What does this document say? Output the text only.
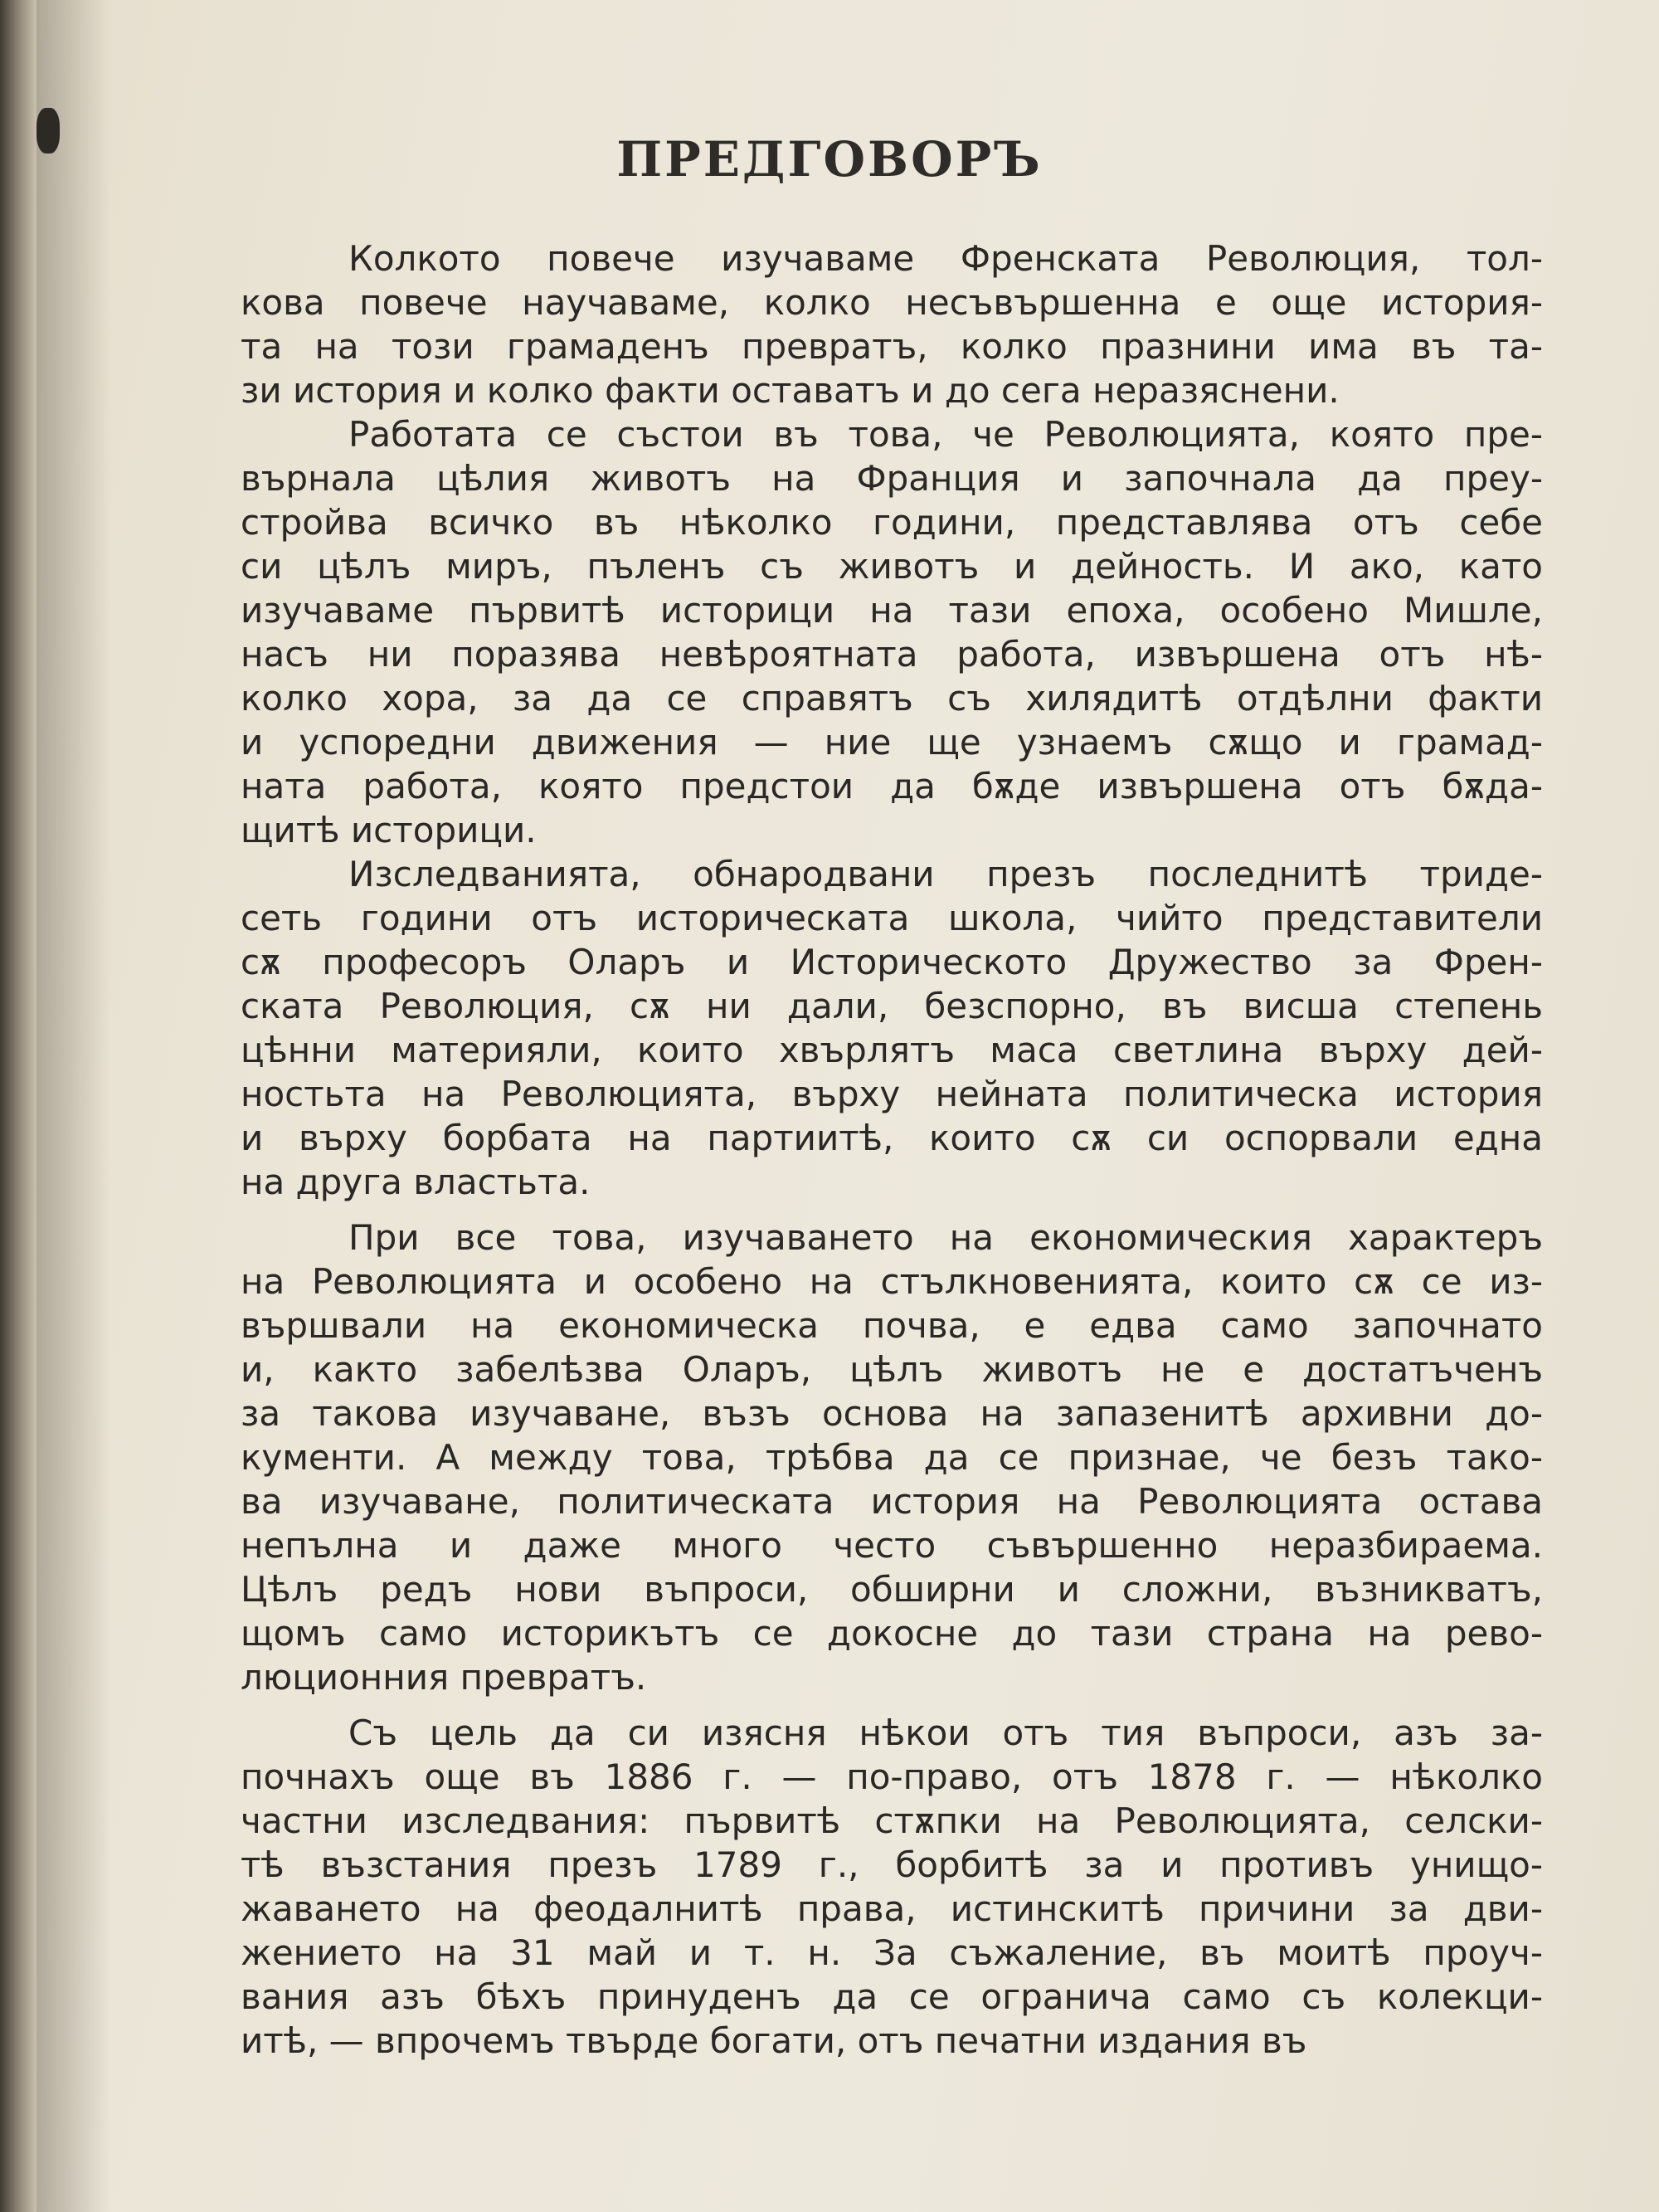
ПРЕДГОВОРЪ
Колкото повече изучаваме Френската Революция, тол-
кова повече научаваме, колко несъвършенна е още история-
та на този грамаденъ превратъ, колко празнини има въ та-
зи история и колко факти оставатъ и до сега неразяснени.
Работата се състои въ това, че Революцията, която пре-
върнала цѣлия животъ на Франция и започнала да преу-
стройва всичко въ нѣколко години, представлява отъ себе
си цѣлъ миръ, пъленъ съ животъ и дейность. И ако, като
изучаваме първитѣ историци на тази епоха, особено Мишле,
насъ ни поразява невѣроятната работа, извършена отъ нѣ-
колко хора, за да се справятъ съ хилядитѣ отдѣлни факти
и успоредни движения — ние ще узнаемъ сѫщо и грамад-
ната работа, която предстои да бѫде извършена отъ бѫда-
щитѣ историци.
Изследванията, обнародвани презъ последнитѣ триде-
сеть години отъ историческата школа, чийто представители
сѫ професоръ Оларъ и Историческото Дружество за Френ-
ската Революция, сѫ ни дали, безспорно, въ висша степень
цѣнни материяли, които хвърлятъ маса светлина върху дей-
ностьта на Революцията, върху нейната политическа история
и върху борбата на партиитѣ, които сѫ си оспорвали една
на друга властьта.
При все това, изучаването на економическия характеръ
на Революцията и особено на стълкновенията, които сѫ се из-
вършвали на економическа почва, е едва само започнато
и, както забелѣзва Оларъ, цѣлъ животъ не е достатъченъ
за такова изучаване, възъ основа на запазенитѣ архивни до-
кументи. А между това, трѣбва да се признае, че безъ тако-
ва изучаване, политическата история на Революцията остава
непълна и даже много често съвършенно неразбираема.
Цѣлъ редъ нови въпроси, обширни и сложни, възникватъ,
щомъ само историкътъ се докосне до тази страна на рево-
люционния превратъ.
Съ цель да си изясня нѣкои отъ тия въпроси, азъ за-
почнахъ още въ 1886 г. — по-право, отъ 1878 г. — нѣколко
частни изследвания: първитѣ стѫпки на Революцията, селски-
тѣ възстания презъ 1789 г., борбитѣ за и противъ унищо-
жаването на феодалнитѣ права, истинскитѣ причини за дви-
жението на 31 май и т. н. За съжаление, въ моитѣ проуч-
вания азъ бѣхъ принуденъ да се ограничa само съ колекци-
итѣ, — впрочемъ твърде богати, отъ печатни издания въ
